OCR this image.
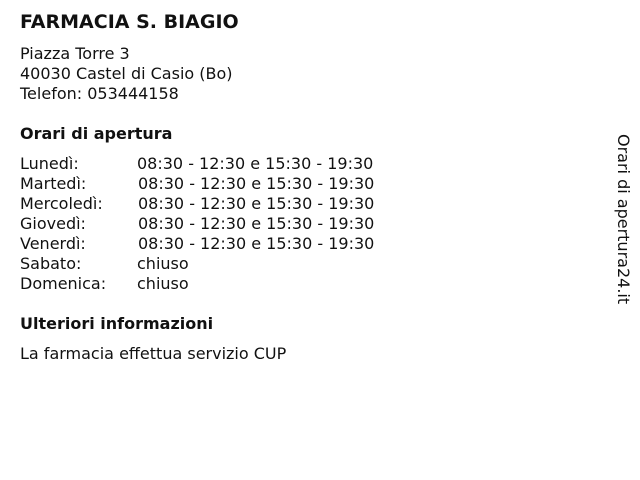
FARMACIA S. BIAGIO
Piazza Torre 3
40030 Castel di Casio (Bo)
Telefon: 053444158
Orari di apertura
Lunedì:	08:30 - 12:30 e 15:30 - 19:30
Martedì:	08:30 - 12:30 e 15:30 - 19:30
Mercoledì: 08:30 - 12:30 e 15:30 - 19:30
Giovedì:	08:30 - 12:30 e 15:30 - 19:30
Venerdì:	08:30 - 12:30 e 15:30 - 19:30
Sabato:	chiuso
Domenica: chiuso
Ulteriori informazioni
La farmacia effettua servizio CUP
Orari di apertura24.it
